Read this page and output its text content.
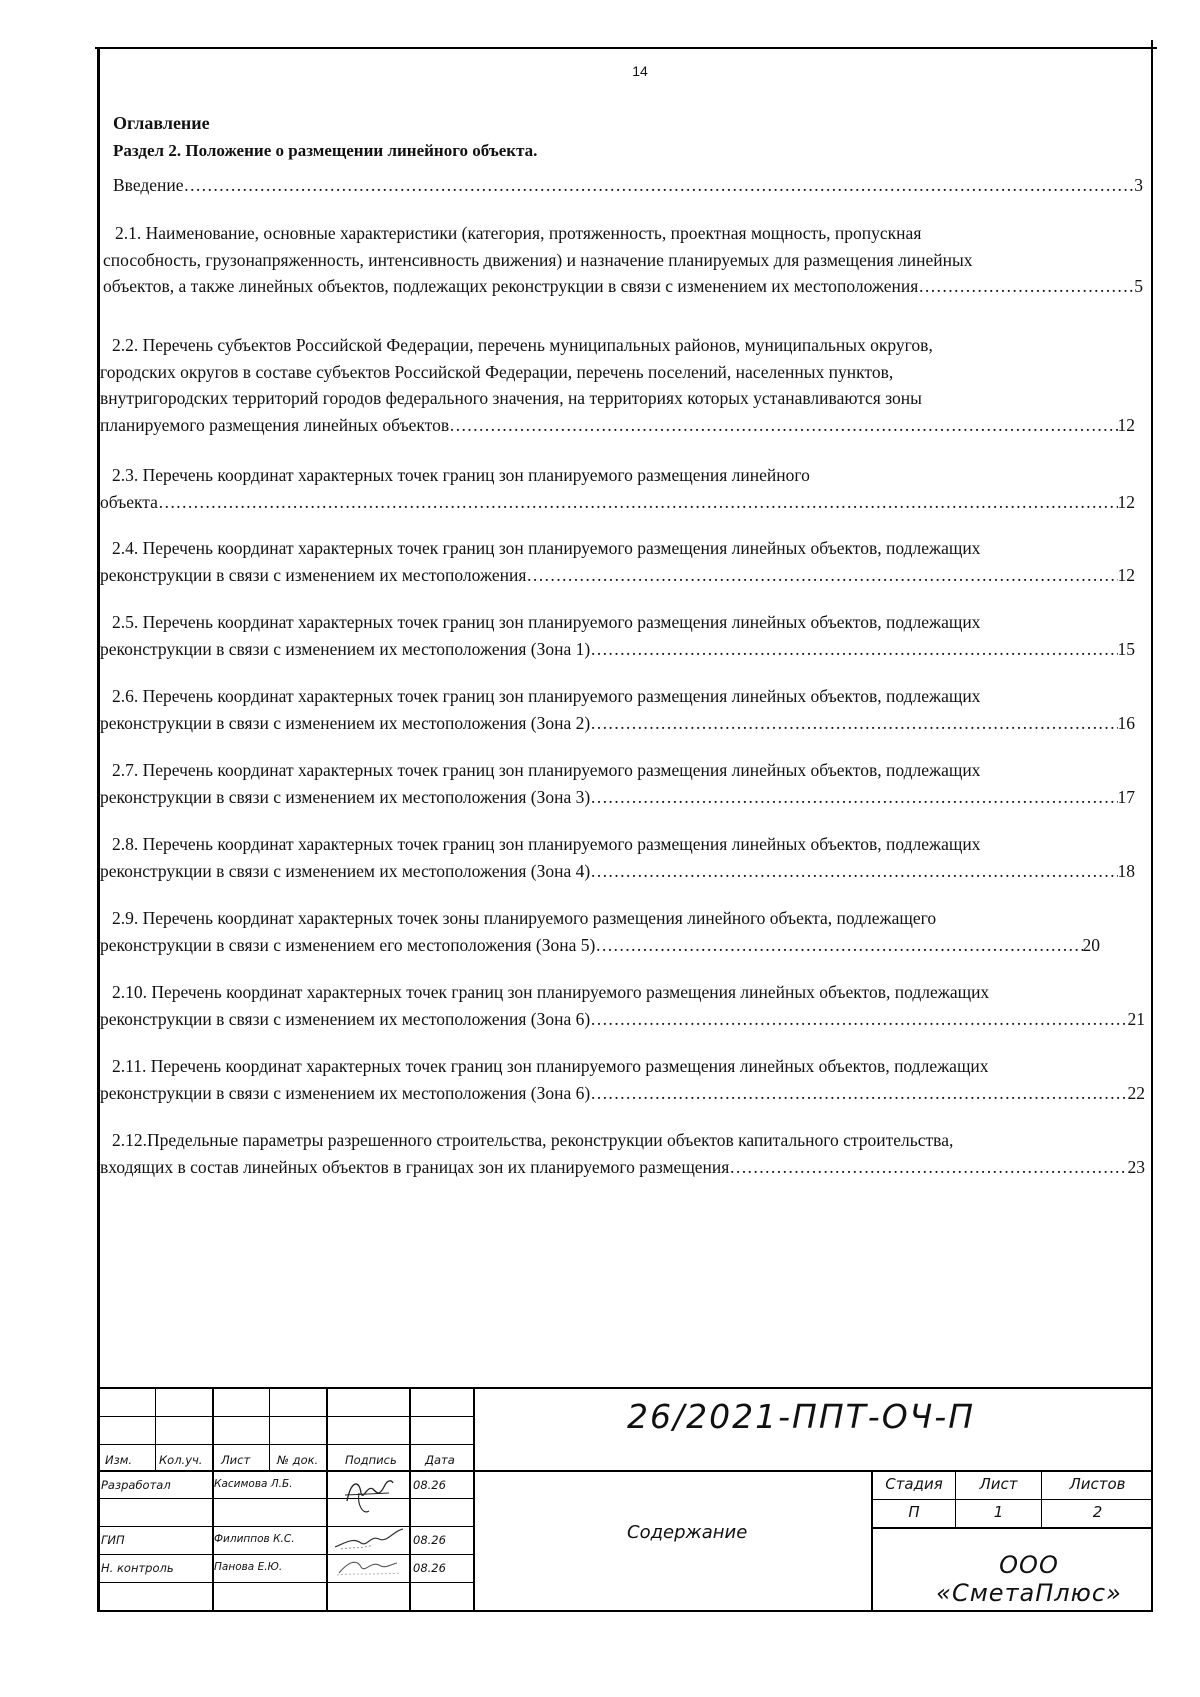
14
Оглавление
Раздел 2. Положение о размещении линейного объекта.
Введение ……………………………………………………………………………………………………………………………………………………………………………………	3
2.1. Наименование, основные характеристики (категория, протяженность, проектная мощность, пропускная
способность, грузонапряженность, интенсивность движения) и назначение планируемых для размещения линейных
объектов, а также линейных объектов, подлежащих реконструкции в связи с изменением их местоположения ……………………………………………………………………………………………………………………………………………………………………………………	5
2.2. Перечень субъектов Российской Федерации, перечень муниципальных районов, муниципальных округов,
городских округов в составе субъектов Российской Федерации, перечень поселений, населенных пунктов,
внутригородских территорий городов федерального значения, на территориях которых устанавливаются зоны
планируемого размещения линейных объектов ……………………………………………………………………………………………………………………………………………………………………………………	12
2.3. Перечень координат характерных точек границ зон планируемого размещения линейного
объекта ……………………………………………………………………………………………………………………………………………………………………………………	12
2.4. Перечень координат характерных точек границ зон планируемого размещения линейных объектов, подлежащих
реконструкции в связи с изменением их местоположения ……………………………………………………………………………………………………………………………………………………………………………………	12
2.5. Перечень координат характерных точек границ зон планируемого размещения линейных объектов, подлежащих
реконструкции в связи с изменением их местоположения (Зона 1) ……………………………………………………………………………………………………………………………………………………………………………………	15
2.6. Перечень координат характерных точек границ зон планируемого размещения линейных объектов, подлежащих
реконструкции в связи с изменением их местоположения (Зона 2) ……………………………………………………………………………………………………………………………………………………………………………………	16
2.7. Перечень координат характерных точек границ зон планируемого размещения линейных объектов, подлежащих
реконструкции в связи с изменением их местоположения (Зона 3) ……………………………………………………………………………………………………………………………………………………………………………………	17
2.8. Перечень координат характерных точек границ зон планируемого размещения линейных объектов, подлежащих
реконструкции в связи с изменением их местоположения (Зона 4) ……………………………………………………………………………………………………………………………………………………………………………………	18
2.9. Перечень координат характерных точек зоны планируемого размещения линейного объекта, подлежащего
реконструкции в связи с изменением его местоположения (Зона 5) ……………………………………………………………………………………………………………………………………………………………………………………	20
2.10. Перечень координат характерных точек границ зон планируемого размещения линейных объектов, подлежащих
реконструкции в связи с изменением их местоположения (Зона 6) ……………………………………………………………………………………………………………………………………………………………………………………	21
2.11. Перечень координат характерных точек границ зон планируемого размещения линейных объектов, подлежащих
реконструкции в связи с изменением их местоположения (Зона 6) ……………………………………………………………………………………………………………………………………………………………………………………	22
2.12.Предельные параметры разрешенного строительства, реконструкции объектов капитального строительства,
входящих в состав линейных объектов в границах зон их планируемого размещения ……………………………………………………………………………………………………………………………………………………………………………………	23
26/2021-ППТ-ОЧ-П
Изм. Кол.уч. Лист № док. Подпись Дата
Разработал	Касимова Л.Б.	08.26
ГИП	Филиппов К.С.	08.26
Н. контроль	Панова Е.Ю.	08.26
Содержание
Стадия	Лист	Листов
П	1	2
ООО «СметаПлюс»
